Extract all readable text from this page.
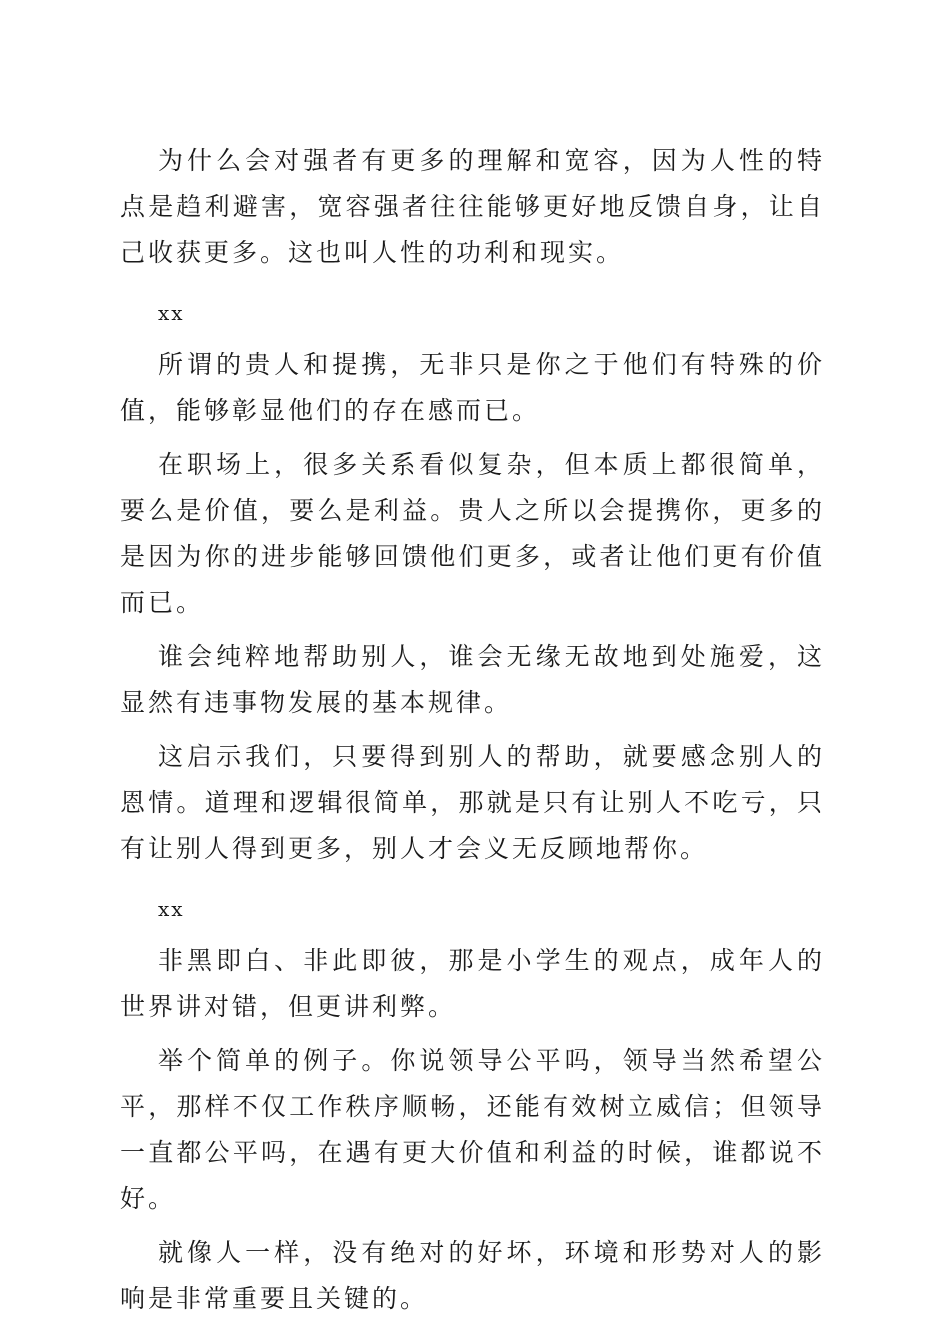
为什么会对强者有更多的理解和宽容，因为人性的特点是趋利避害，宽容强者往往能够更好地反馈自身，让自己收获更多。这也叫人性的功利和现实。

xx

所谓的贵人和提携，无非只是你之于他们有特殊的价值，能够彰显他们的存在感而已。

在职场上，很多关系看似复杂，但本质上都很简单，要么是价值，要么是利益。贵人之所以会提携你，更多的是因为你的进步能够回馈他们更多，或者让他们更有价值而已。

谁会纯粹地帮助别人，谁会无缘无故地到处施爱，这显然有违事物发展的基本规律。

这启示我们，只要得到别人的帮助，就要感念别人的恩情。道理和逻辑很简单，那就是只有让别人不吃亏，只有让别人得到更多，别人才会义无反顾地帮你。

xx

非黑即白、非此即彼，那是小学生的观点，成年人的世界讲对错，但更讲利弊。

举个简单的例子。你说领导公平吗，领导当然希望公平，那样不仅工作秩序顺畅，还能有效树立威信；但领导一直都公平吗，在遇有更大价值和利益的时候，谁都说不好。

就像人一样，没有绝对的好坏，环境和形势对人的影响是非常重要且关键的。
